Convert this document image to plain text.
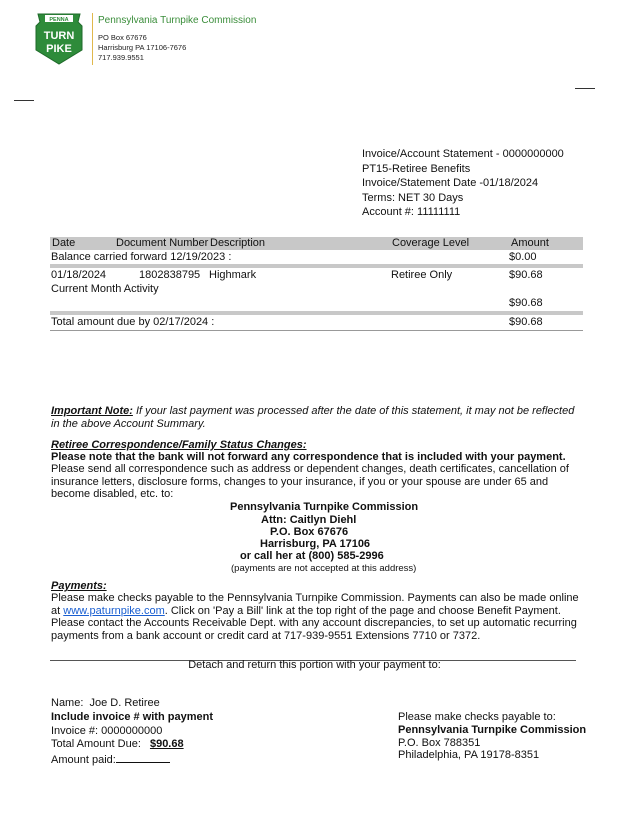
PENNA
TURN
PIKE
Pennsylvania Turnpike Commission
PO Box 67676
Harrisburg PA 17106-7676
717.939.9551
Invoice/Account Statement - 0000000000
PT15-Retiree Benefits
Invoice/Statement Date -01/18/2024
Terms: NET 30 Days
Account #: 11111111
Date	Document Number Description	Coverage Level	Amount
Balance carried forward 12/19/2023 :	$0.00
01/18/2024	1802838795 Highmark	Retiree Only	$90.68
Current Month Activity
$90.68
Total amount due by 02/17/2024 :	$90.68
Important Note: If your last payment was processed after the date of this statement, it may not be reflected in the above Account Summary.
Retiree Correspondence/Family Status Changes:
Please note that the bank will not forward any correspondence that is included with your payment.
Please send all correspondence such as address or dependent changes, death certificates, cancellation of insurance letters, disclosure forms, changes to your insurance, if you or your spouse are under 65 and become disabled, etc. to:
Pennsylvania Turnpike Commission
Attn: Caitlyn Diehl
P.O. Box 67676
Harrisburg, PA 17106
or call her at (800) 585-2996
(payments are not accepted at this address)
Payments:
Please make checks payable to the Pennsylvania Turnpike Commission. Payments can also be made online at www.paturnpike.com. Click on 'Pay a Bill' link at the top right of the page and choose Benefit Payment. Please contact the Accounts Receivable Dept. with any account discrepancies, to set up automatic recurring payments from a bank account or credit card at 717-939-9551 Extensions 7710 or 7372.
Detach and return this portion with your payment to:
Name: Joe D. Retiree
Include invoice # with payment
Invoice #: 0000000000
Total Amount Due: $90.68
Amount paid:
Please make checks payable to:
Pennsylvania Turnpike Commission
P.O. Box 788351
Philadelphia, PA 19178-8351
